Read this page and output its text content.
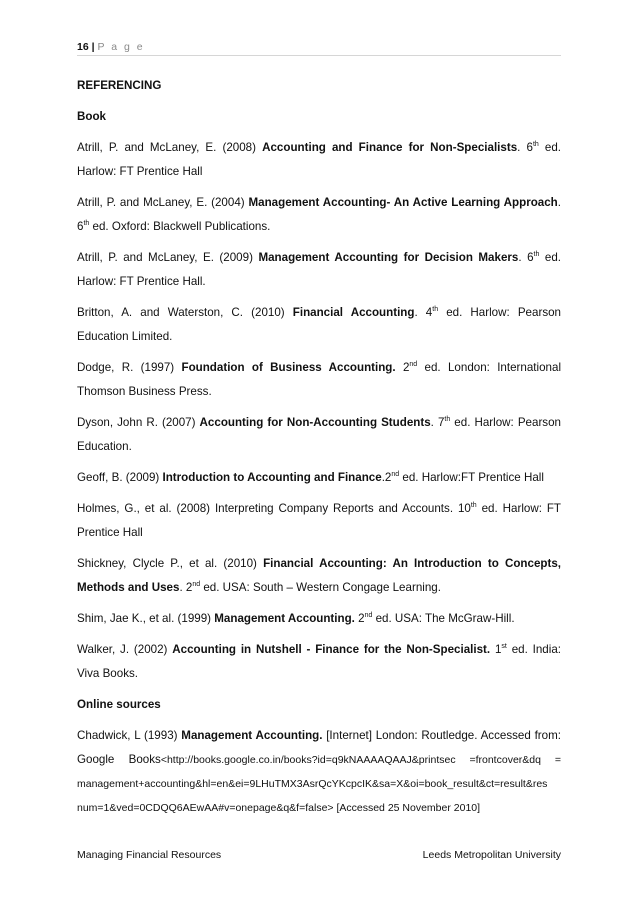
16 | P a g e
REFERENCING
Book

Atrill, P. and McLaney, E. (2008) Accounting and Finance for Non-Specialists. 6th ed. Harlow: FT Prentice Hall

Atrill, P. and McLaney, E. (2004) Management Accounting- An Active Learning Approach. 6th ed. Oxford: Blackwell Publications.

Atrill, P. and McLaney, E. (2009) Management Accounting for Decision Makers. 6th ed. Harlow: FT Prentice Hall.

Britton, A. and Waterston, C. (2010) Financial Accounting. 4th ed. Harlow: Pearson Education Limited.

Dodge, R. (1997) Foundation of Business Accounting. 2nd ed. London: International Thomson Business Press.

Dyson, John R. (2007) Accounting for Non-Accounting Students. 7th ed. Harlow: Pearson Education.

Geoff, B. (2009) Introduction to Accounting and Finance.2nd ed. Harlow:FT Prentice Hall

Holmes, G., et al. (2008) Interpreting Company Reports and Accounts. 10th ed. Harlow: FT Prentice Hall

Shickney, Clycle P., et al. (2010) Financial Accounting: An Introduction to Concepts, Methods and Uses. 2nd ed. USA: South – Western Congage Learning.

Shim, Jae K., et al. (1999) Management Accounting. 2nd ed. USA: The McGraw-Hill.

Walker, J. (2002) Accounting in Nutshell - Finance for the Non-Specialist. 1st ed. India: Viva Books.

Online sources

Chadwick, L (1993) Management Accounting. [Internet] London: Routledge. Accessed from: Google Books<http://books.google.co.in/books?id=q9kNAAAAQAAJ&printsec =frontcover&dq = management+accounting&hl=en&ei=9LHuTMX3AsrQcYKcpcIK&sa=X&oi=book_result&ct=result&res num=1&ved=0CDQQ6AEwAA#v=onepage&q&f=false> [Accessed 25 November 2010]

Managing Financial Resources	Leeds Metropolitan University
